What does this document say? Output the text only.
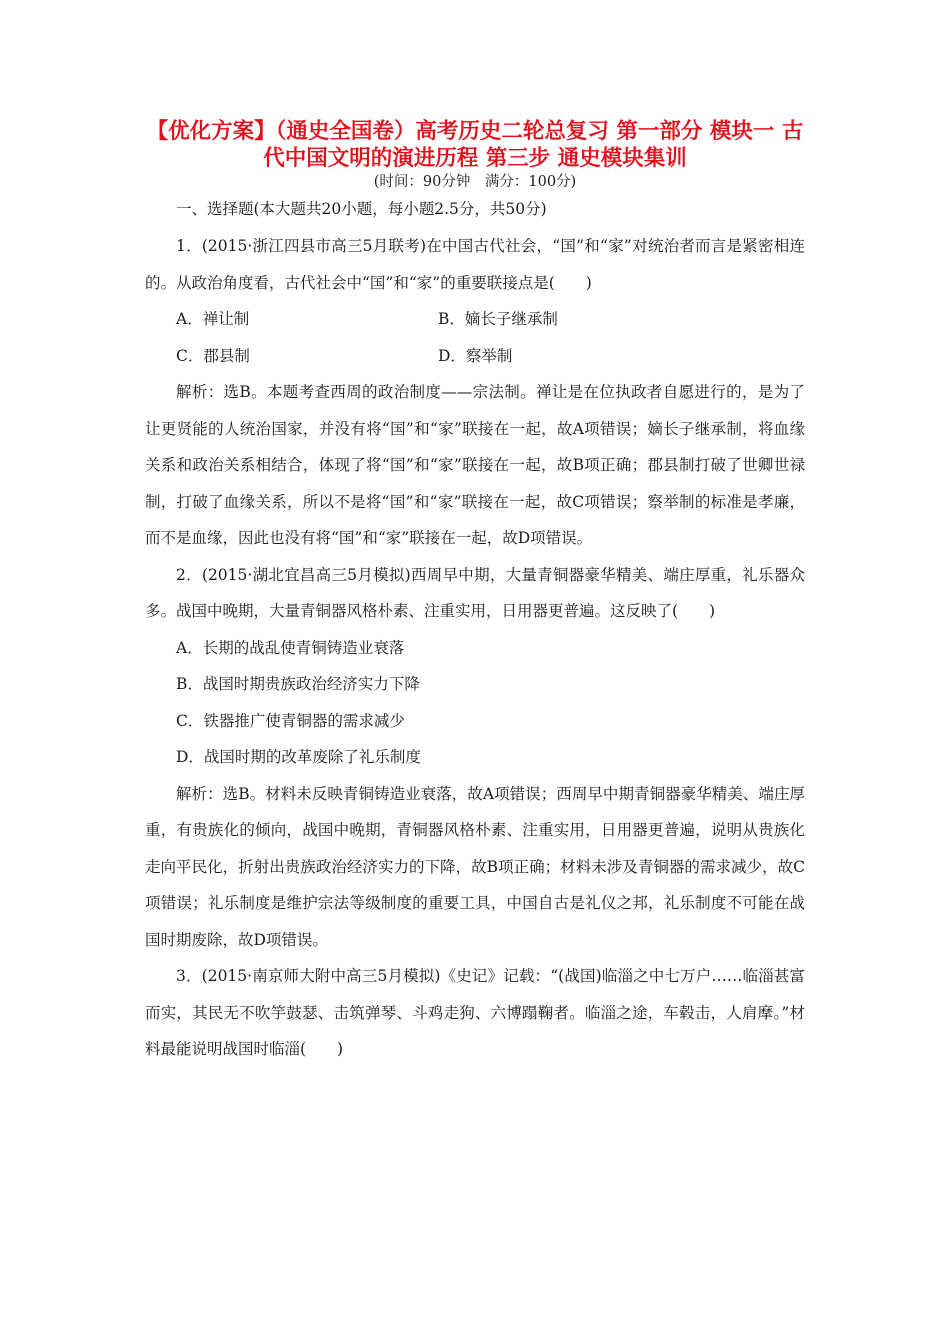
【优化方案】（通史全国卷）高考历史二轮总复习 第一部分 模块一 古代中国文明的演进历程 第三步 通史模块集训

(时间：90分钟　满分：100分)

一、选择题(本大题共20小题，每小题2.5分，共50分)

1．(2015·浙江四县市高三5月联考)在中国古代社会，“国”和“家”对统治者而言是紧密相连的。从政治角度看，古代社会中“国”和“家”的重要联接点是(　　)

A．禅让制	B．嫡长子继承制
C．郡县制	D．察举制

解析：选B。本题考查西周的政治制度——宗法制。禅让是在位执政者自愿进行的，是为了让更贤能的人统治国家，并没有将“国”和“家”联接在一起，故A项错误；嫡长子继承制，将血缘关系和政治关系相结合，体现了将“国”和“家”联接在一起，故B项正确；郡县制打破了世卿世禄制，打破了血缘关系，所以不是将“国”和“家”联接在一起，故C项错误；察举制的标准是孝廉，而不是血缘，因此也没有将“国”和“家”联接在一起，故D项错误。

2．(2015·湖北宜昌高三5月模拟)西周早中期，大量青铜器豪华精美、端庄厚重，礼乐器众多。战国中晚期，大量青铜器风格朴素、注重实用，日用器更普遍。这反映了(　　)

A．长期的战乱使青铜铸造业衰落
B．战国时期贵族政治经济实力下降
C．铁器推广使青铜器的需求减少
D．战国时期的改革废除了礼乐制度

解析：选B。材料未反映青铜铸造业衰落，故A项错误；西周早中期青铜器豪华精美、端庄厚重，有贵族化的倾向，战国中晚期，青铜器风格朴素、注重实用，日用器更普遍，说明从贵族化走向平民化，折射出贵族政治经济实力的下降，故B项正确；材料未涉及青铜器的需求减少，故C项错误；礼乐制度是维护宗法等级制度的重要工具，中国自古是礼仪之邦，礼乐制度不可能在战国时期废除，故D项错误。

3．(2015·南京师大附中高三5月模拟)《史记》记载：“(战国)临淄之中七万户……临淄甚富而实，其民无不吹竽鼓瑟、击筑弹琴、斗鸡走狗、六博蹋鞠者。临淄之途，车毂击，人肩摩。”材料最能说明战国时临淄(　　)
